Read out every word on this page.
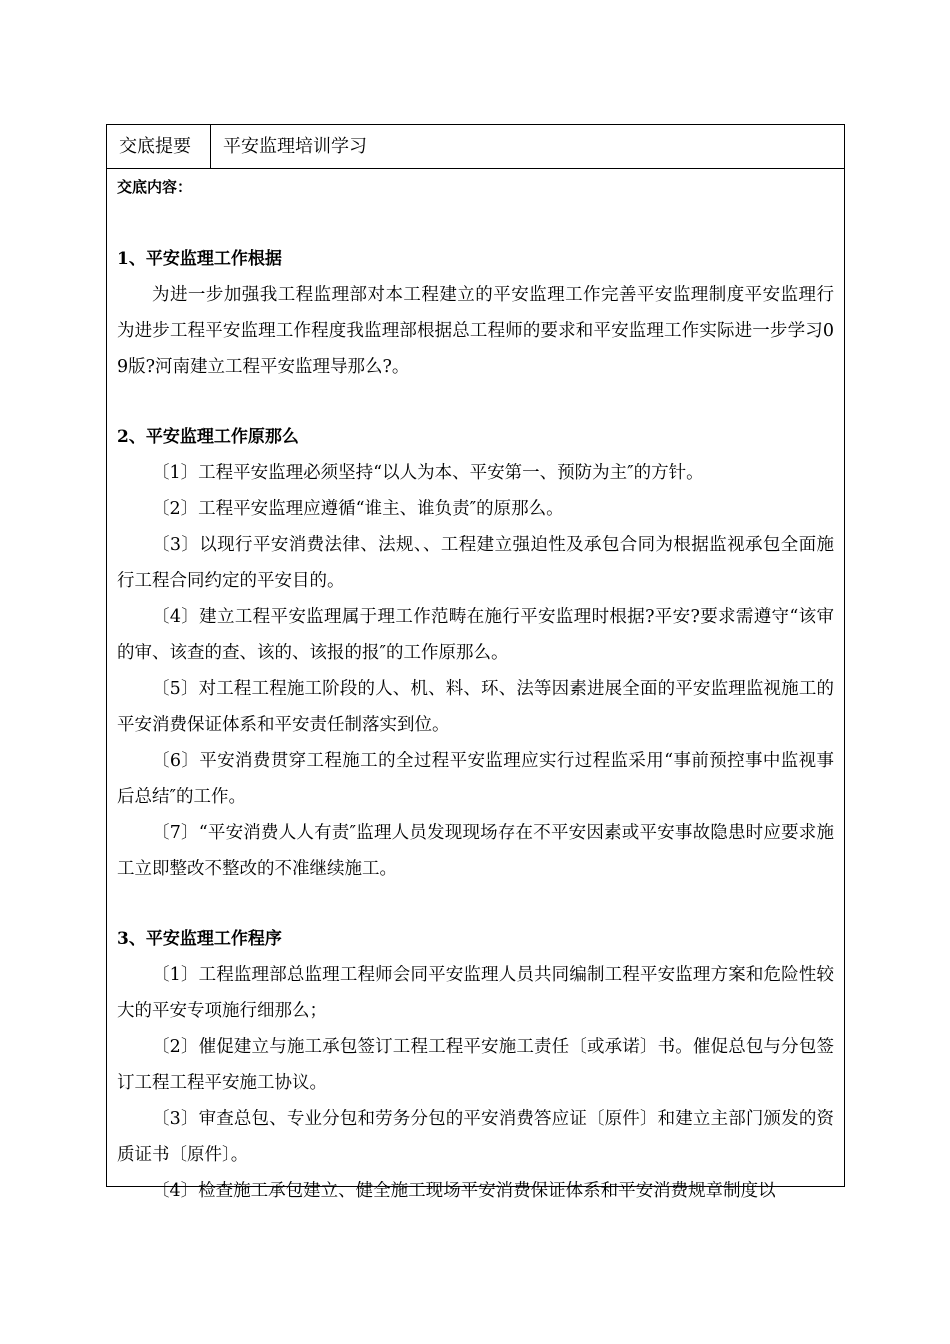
交底提要	平安监理培训学习

交底内容：

1、平安监理工作根据

为进一步加强我工程监理部对本工程建立的平安监理工作完善平安监理制度平安监理行为进步工程平安监理工作程度我监理部根据总工程师的要求和平安监理工作实际进一步学习09版?河南建立工程平安监理导那么?。

2、平安监理工作原那么

〔1〕工程平安监理必须坚持“以人为本、平安第一、预防为主″的方针。

〔2〕工程平安监理应遵循“谁主、谁负责″的原那么。

〔3〕以现行平安消费法律、法规、、工程建立强迫性及承包合同为根据监视承包全面施行工程合同约定的平安目的。

〔4〕建立工程平安监理属于理工作范畴在施行平安监理时根据?平安?要求需遵守“该审的审、该查的查、该的、该报的报″的工作原那么。

〔5〕对工程工程施工阶段的人、机、料、环、法等因素进展全面的平安监理监视施工的平安消费保证体系和平安责任制落实到位。

〔6〕平安消费贯穿工程施工的全过程平安监理应实行过程监采用“事前预控事中监视事后总结″的工作。

〔7〕“平安消费人人有责″监理人员发现现场存在不平安因素或平安事故隐患时应要求施工立即整改不整改的不准继续施工。

3、平安监理工作程序

〔1〕工程监理部总监理工程师会同平安监理人员共同编制工程平安监理方案和危险性较大的平安专项施行细那么；

〔2〕催促建立与施工承包签订工程工程平安施工责任〔或承诺〕书。催促总包与分包签订工程工程平安施工协议。

〔3〕审查总包、专业分包和劳务分包的平安消费答应证〔原件〕和建立主部门颁发的资质证书〔原件〕。

〔4〕检查施工承包建立、健全施工现场平安消费保证体系和平安消费规章制度以
